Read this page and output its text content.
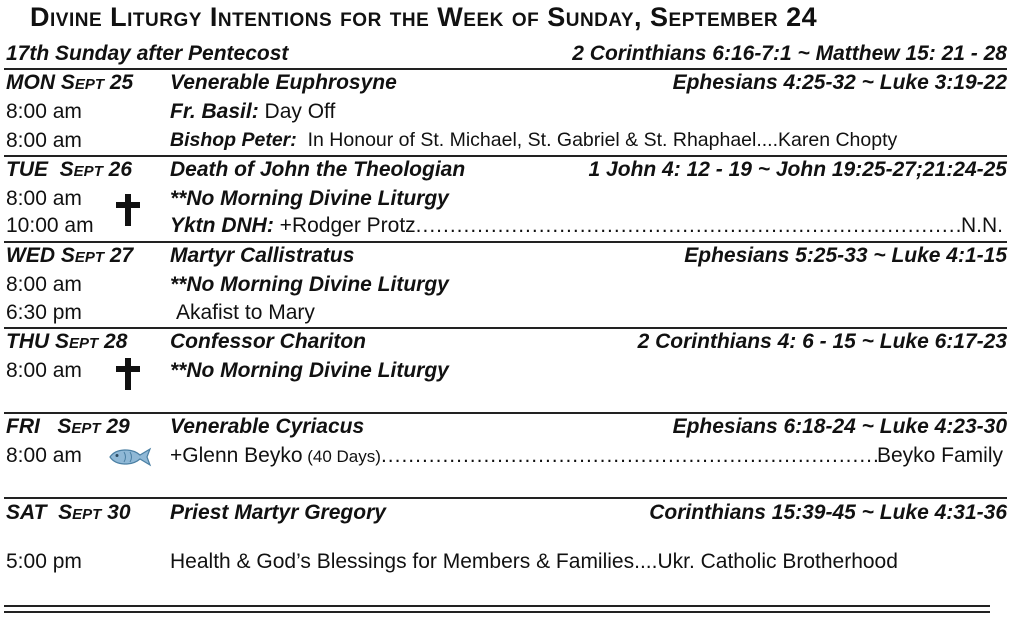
Divine Liturgy Intentions for the Week of Sunday, September 24
17th Sunday after Pentecost	2 Corinthians 6:16-7:1 ~ Matthew 15: 21 - 28
MON Sept 25 Venerable Euphrosyne	Ephesians 4:25-32 ~ Luke 3:19-22
8:00 am	Fr. Basil: Day Off
8:00 am	Bishop Peter:  In Honour of St. Michael, St. Gabriel & St. Rhaphael....Karen Chopty
TUE Sept 26 Death of John the Theologian	1 John 4: 12 - 19 ~ John 19:25-27;21:24-25
8:00 am	**No Morning Divine Liturgy
10:00 am	Yktn DNH: +Rodger Protz .....	N.N.
WED Sept 27 Martyr Callistratus	Ephesians 5:25-33 ~ Luke 4:1-15
8:00 am	**No Morning Divine Liturgy
6:30 pm	Akafist to Mary
THU Sept 28 Confessor Chariton	2 Corinthians 4: 6 - 15 ~ Luke 6:17-23
8:00 am	**No Morning Divine Liturgy
FRI Sept 29 Venerable Cyriacus	Ephesians 6:18-24 ~ Luke 4:23-30
8:00 am	+Glenn Beyko (40 Days) .....	Beyko Family
SAT Sept 30 Priest Martyr Gregory	Corinthians 15:39-45 ~ Luke 4:31-36
5:00 pm	Health & God’s Blessings for Members & Families....Ukr. Catholic Brotherhood
